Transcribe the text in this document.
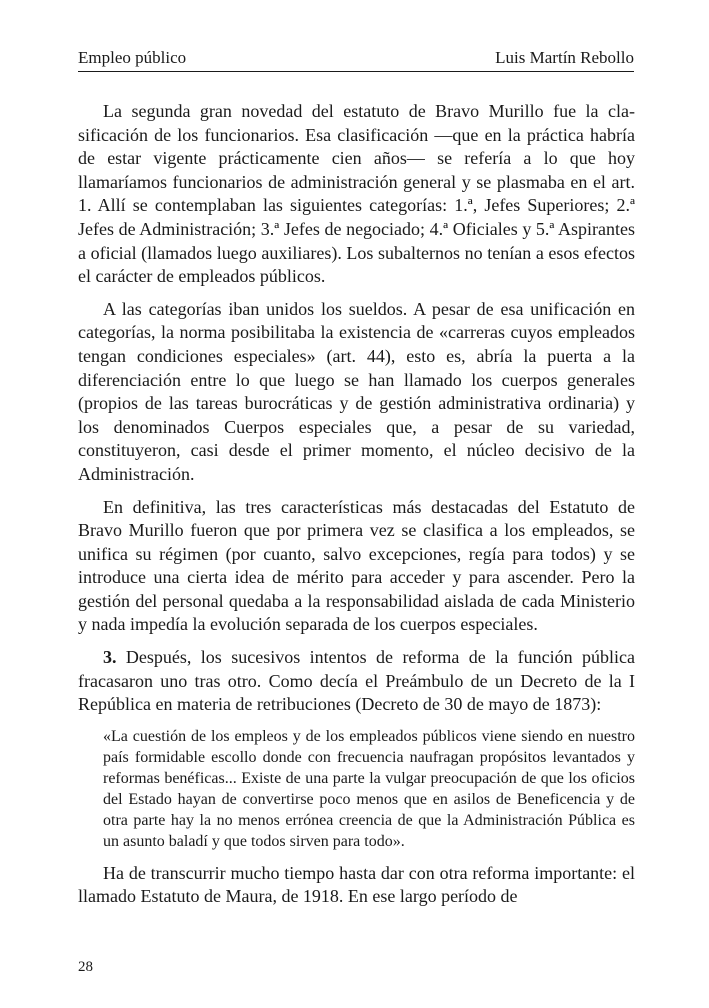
Empleo público	Luis Martín Rebollo

La segunda gran novedad del estatuto de Bravo Murillo fue la clasificación de los funcionarios. Esa clasificación —que en la práctica habría de estar vigente prácticamente cien años— se refería a lo que hoy llamaríamos funcionarios de administración general y se plasmaba en el art. 1. Allí se contemplaban las siguientes categorías: 1.ª, Jefes Superiores; 2.ª Jefes de Administración; 3.ª Jefes de negociado; 4.ª Oficiales y 5.ª Aspirantes a oficial (llamados luego auxiliares). Los subalternos no tenían a esos efectos el carácter de empleados públicos.

A las categorías iban unidos los sueldos. A pesar de esa unificación en categorías, la norma posibilitaba la existencia de «carreras cuyos empleados tengan condiciones especiales» (art. 44), esto es, abría la puerta a la diferenciación entre lo que luego se han llamado los cuerpos generales (propios de las tareas burocráticas y de gestión administrativa ordinaria) y los denominados Cuerpos especiales que, a pesar de su variedad, constituyeron, casi desde el primer momento, el núcleo decisivo de la Administración.

En definitiva, las tres características más destacadas del Estatuto de Bravo Murillo fueron que por primera vez se clasifica a los empleados, se unifica su régimen (por cuanto, salvo excepciones, regía para todos) y se introduce una cierta idea de mérito para acceder y para ascender. Pero la gestión del personal quedaba a la responsabilidad aislada de cada Ministerio y nada impedía la evolución separada de los cuerpos especiales.

3. Después, los sucesivos intentos de reforma de la función pública fracasaron uno tras otro. Como decía el Preámbulo de un Decreto de la I República en materia de retribuciones (Decreto de 30 de mayo de 1873):

«La cuestión de los empleos y de los empleados públicos viene siendo en nuestro país formidable escollo donde con frecuencia naufragan propósitos levantados y reformas benéficas... Existe de una parte la vulgar preocupación de que los oficios del Estado hayan de convertirse poco menos que en asilos de Beneficencia y de otra parte hay la no menos errónea creencia de que la Administración Pública es un asunto baladí y que todos sirven para todo».

Ha de transcurrir mucho tiempo hasta dar con otra reforma importante: el llamado Estatuto de Maura, de 1918. En ese largo período de

28
